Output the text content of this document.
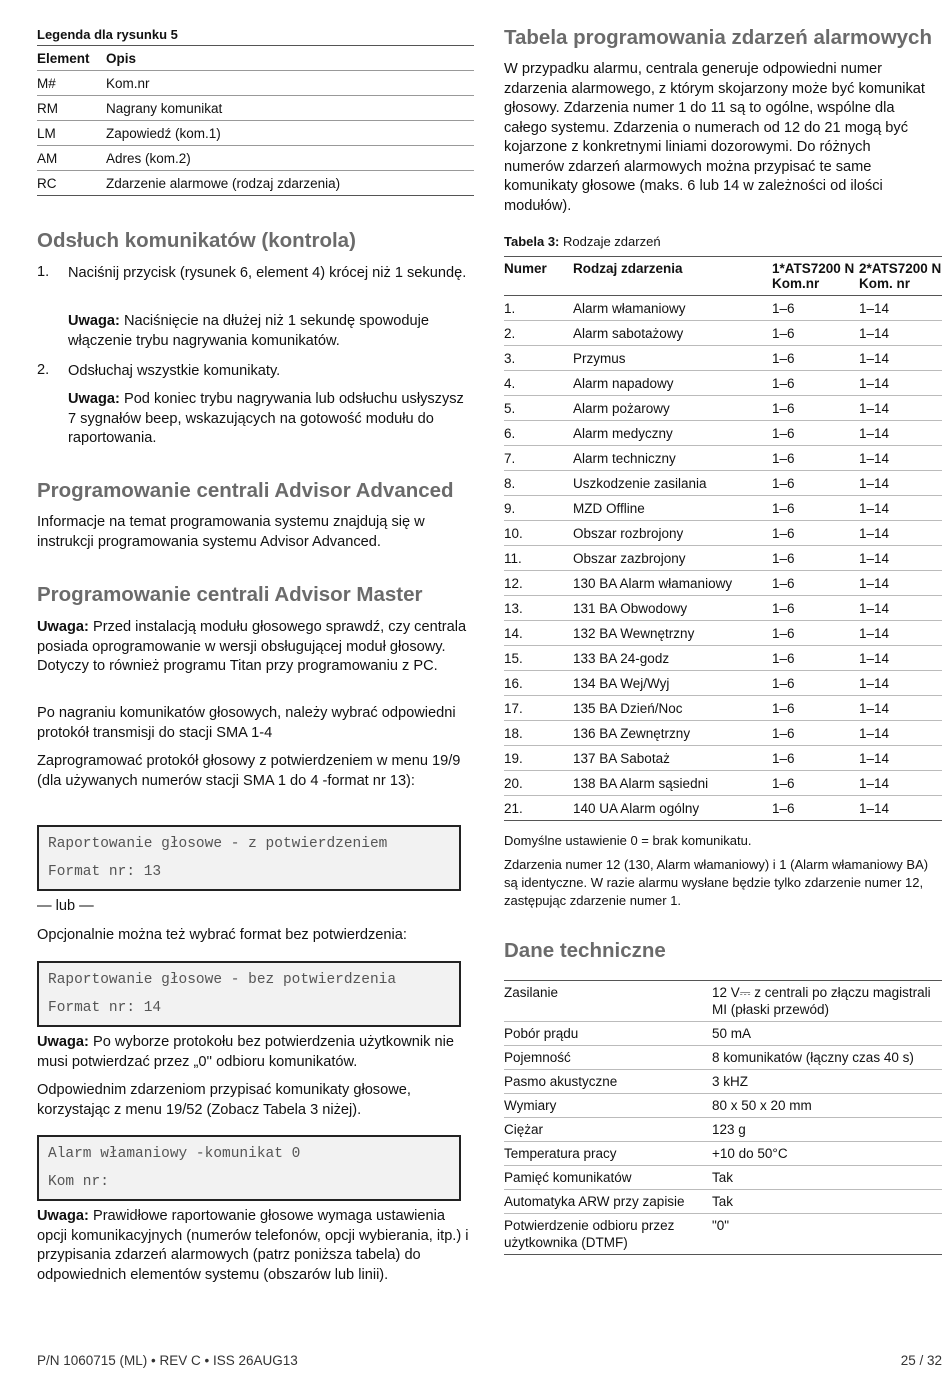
Legenda dla rysunku 5
Element	Opis
M#	Kom.nr
RM	Nagrany komunikat
LM	Zapowiedź (kom.1)
AM	Adres (kom.2)
RC	Zdarzenie alarmowe (rodzaj zdarzenia)
Odsłuch komunikatów (kontrola)
1. Naciśnij przycisk (rysunek 6, element 4) krócej niż 1 sekundę.
Uwaga: Naciśnięcie na dłużej niż 1 sekundę spowoduje włączenie trybu nagrywania komunikatów.
2. Odsłuchaj wszystkie komunikaty.
Uwaga: Pod koniec trybu nagrywania lub odsłuchu usłyszysz 7 sygnałów beep, wskazujących na gotowość modułu do raportowania.
Programowanie centrali Advisor Advanced
Informacje na temat programowania systemu znajdują się w instrukcji programowania systemu Advisor Advanced.
Programowanie centrali Advisor Master
Uwaga: Przed instalacją modułu głosowego sprawdź, czy centrala posiada oprogramowanie w wersji obsługującej moduł głosowy. Dotyczy to również programu Titan przy programowaniu z PC.
Po nagraniu komunikatów głosowych, należy wybrać odpowiedni protokół transmisji do stacji SMA 1-4
Zaprogramować protokół głosowy z potwierdzeniem w menu 19/9 (dla używanych numerów stacji SMA 1 do 4 -format nr 13):
Raportowanie głosowe - z potwierdzeniem
Format nr: 13
— lub —
Opcjonalnie można też wybrać format bez potwierdzenia:
Raportowanie głosowe - bez potwierdzenia
Format nr: 14
Uwaga: Po wyborze protokołu bez potwierdzenia użytkownik nie musi potwierdzać przez „0'' odbioru komunikatów.
Odpowiednim zdarzeniom przypisać komunikaty głosowe, korzystając z menu 19/52 (Zobacz Tabela 3 niżej).
Alarm włamaniowy -komunikat 0
Kom nr:
Uwaga: Prawidłowe raportowanie głosowe wymaga ustawienia opcji komunikacyjnych (numerów telefonów, opcji wybierania, itp.) i przypisania zdarzeń alarmowych (patrz poniższa tabela) do odpowiednich elementów systemu (obszarów lub linii).
Tabela programowania zdarzeń alarmowych
W przypadku alarmu, centrala generuje odpowiedni numer zdarzenia alarmowego, z którym skojarzony może być komunikat głosowy. Zdarzenia numer 1 do 11 są to ogólne, wspólne dla całego systemu. Zdarzenia o numerach od 12 do 21 mogą być kojarzone z konkretnymi liniami dozorowymi. Do różnych numerów zdarzeń alarmowych można przypisać te same komunikaty głosowe (maks. 6 lub 14 w zależności od ilości modułów).
Tabela 3: Rodzaje zdarzeń
Numer	Rodzaj zdarzenia	1*ATS7200 N Kom.nr	2*ATS7200 N Kom. nr
1.	Alarm włamaniowy	1–6	1–14
2.	Alarm sabotażowy	1–6	1–14
3.	Przymus	1–6	1–14
4.	Alarm napadowy	1–6	1–14
5.	Alarm pożarowy	1–6	1–14
6.	Alarm medyczny	1–6	1–14
7.	Alarm techniczny	1–6	1–14
8.	Uszkodzenie zasilania	1–6	1–14
9.	MZD Offline	1–6	1–14
10.	Obszar rozbrojony	1–6	1–14
11.	Obszar zazbrojony	1–6	1–14
12.	130 BA Alarm włamaniowy	1–6	1–14
13.	131 BA Obwodowy	1–6	1–14
14.	132 BA Wewnętrzny	1–6	1–14
15.	133 BA 24-godz	1–6	1–14
16.	134 BA Wej/Wyj	1–6	1–14
17.	135 BA Dzień/Noc	1–6	1–14
18.	136 BA Zewnętrzny	1–6	1–14
19.	137 BA Sabotaż	1–6	1–14
20.	138 BA Alarm sąsiedni	1–6	1–14
21.	140 UA Alarm ogólny	1–6	1–14
Domyślne ustawienie 0 = brak komunikatu.
Zdarzenia numer 12 (130, Alarm włamaniowy) i 1 (Alarm włamaniowy BA) są identyczne. W razie alarmu wysłane będzie tylko zdarzenie numer 12, zastępując zdarzenie numer 1.
Dane techniczne
Zasilanie	12 V⎓ z centrali po złączu magistrali MI (płaski przewód)
Pobór prądu	50 mA
Pojemność	8 komunikatów (łączny czas 40 s)
Pasmo akustyczne	3 kHZ
Wymiary	80 x 50 x 20 mm
Ciężar	123 g
Temperatura pracy	+10 do 50°C
Pamięć komunikatów	Tak
Automatyka ARW przy zapisie	Tak
Potwierdzenie odbioru przez użytkownika (DTMF)	"0"
P/N 1060715 (ML) • REV C • ISS 26AUG13	25 / 32
